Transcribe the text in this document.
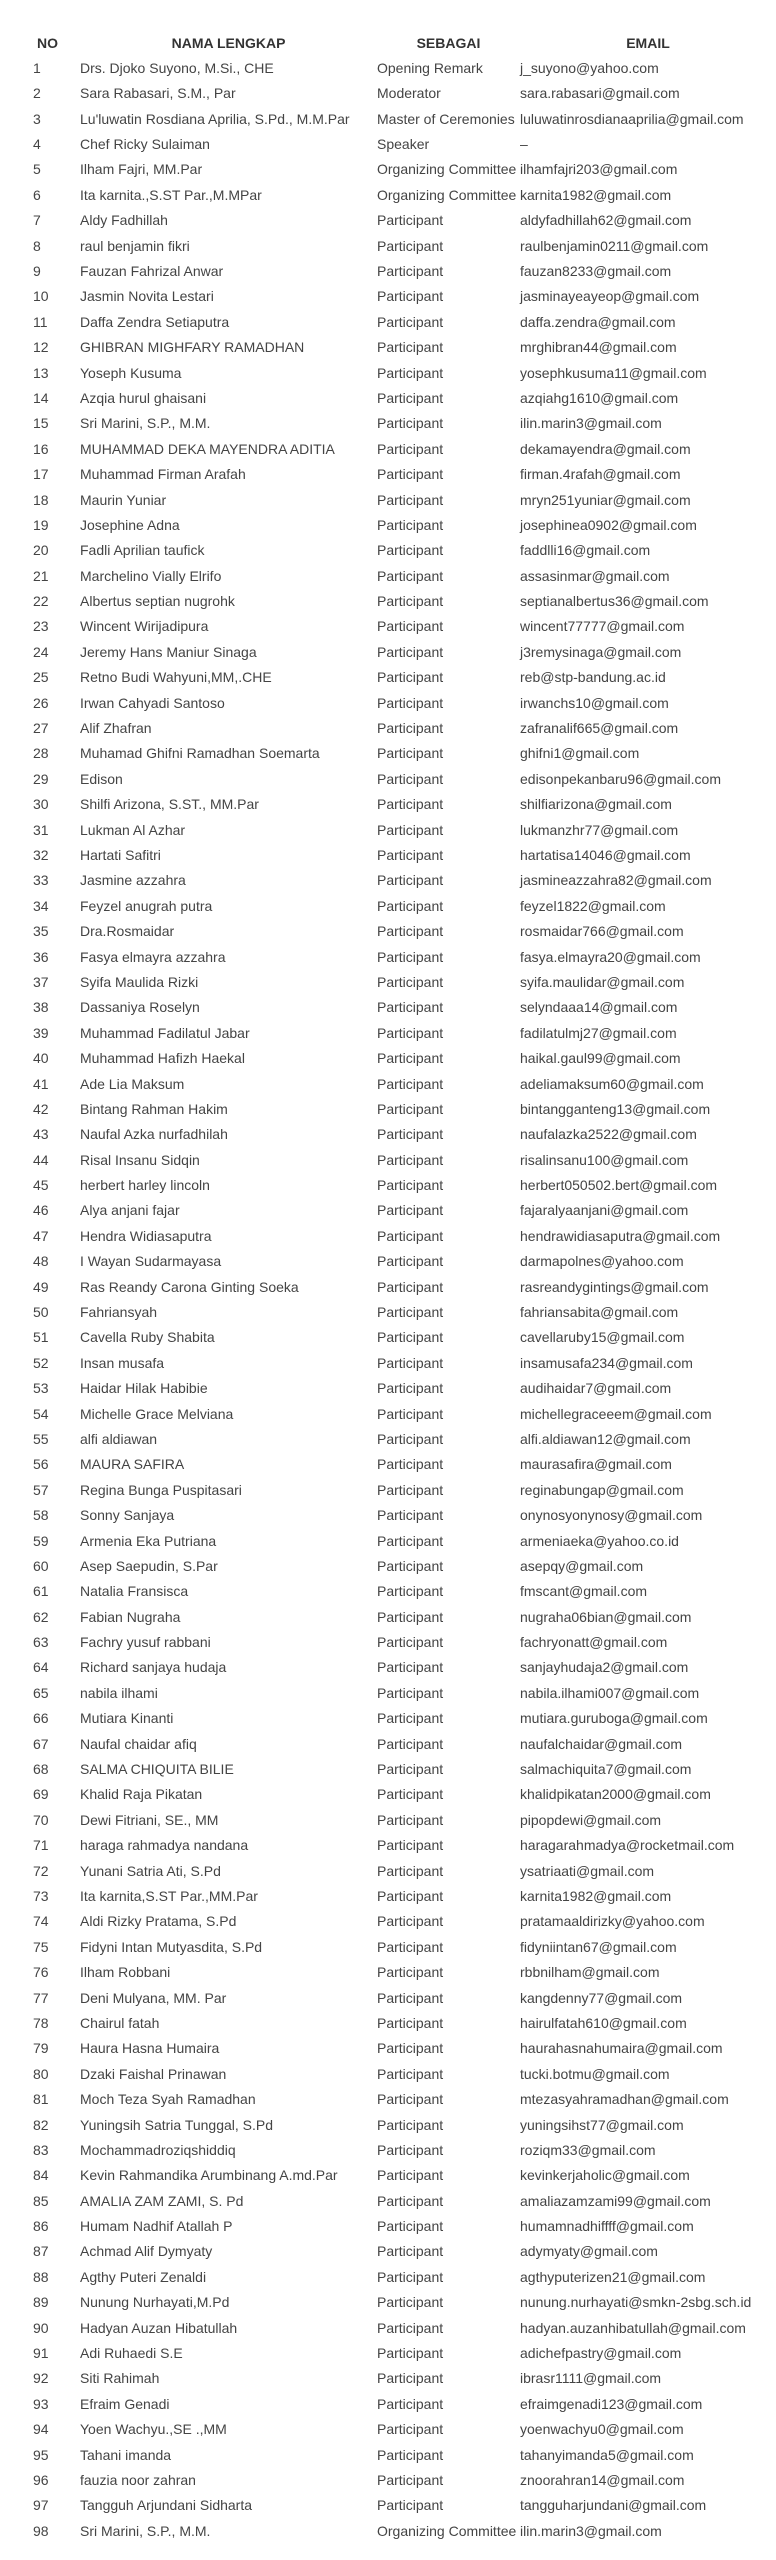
NO	NAMA LENGKAP	SEBAGAI	EMAIL
1	Drs. Djoko Suyono, M.Si., CHE	Opening Remark	j_suyono@yahoo.com
2	Sara Rabasari, S.M., Par	Moderator	sara.rabasari@gmail.com
3	Lu'luwatin Rosdiana Aprilia, S.Pd., M.M.Par	Master of Ceremonies	luluwatinrosdianaaprilia@gmail.com
4	Chef Ricky Sulaiman	Speaker	–
5	Ilham Fajri, MM.Par	Organizing Committee	ilhamfajri203@gmail.com
6	Ita karnita.,S.ST Par.,M.MPar	Organizing Committee	karnita1982@gmail.com
7	Aldy Fadhillah	Participant	aldyfadhillah62@gmail.com
8	raul benjamin fikri	Participant	raulbenjamin0211@gmail.com
9	Fauzan Fahrizal Anwar	Participant	fauzan8233@gmail.com
10	Jasmin Novita Lestari	Participant	jasminayeayeop@gmail.com
11	Daffa Zendra Setiaputra	Participant	daffa.zendra@gmail.com
12	GHIBRAN MIGHFARY RAMADHAN	Participant	mrghibran44@gmail.com
13	Yoseph Kusuma	Participant	yosephkusuma11@gmail.com
14	Azqia hurul ghaisani	Participant	azqiahg1610@gmail.com
15	Sri Marini, S.P., M.M.	Participant	ilin.marin3@gmail.com
16	MUHAMMAD DEKA MAYENDRA ADITIA	Participant	dekamayendra@gmail.com
17	Muhammad Firman Arafah	Participant	firman.4rafah@gmail.com
18	Maurin Yuniar	Participant	mryn251yuniar@gmail.com
19	Josephine Adna	Participant	josephinea0902@gmail.com
20	Fadli Aprilian taufick	Participant	faddlli16@gmail.com
21	Marchelino Vially Elrifo	Participant	assasinmar@gmail.com
22	Albertus septian nugrohk	Participant	septianalbertus36@gmail.com
23	Wincent Wirijadipura	Participant	wincent77777@gmail.com
24	Jeremy Hans Maniur Sinaga	Participant	j3remysinaga@gmail.com
25	Retno Budi Wahyuni,MM,.CHE	Participant	reb@stp-bandung.ac.id
26	Irwan Cahyadi Santoso	Participant	irwanchs10@gmail.com
27	Alif Zhafran	Participant	zafranalif665@gmail.com
28	Muhamad Ghifni Ramadhan Soemarta	Participant	ghifni1@gmail.com
29	Edison	Participant	edisonpekanbaru96@gmail.com
30	Shilfi Arizona, S.ST., MM.Par	Participant	shilfiarizona@gmail.com
31	Lukman Al Azhar	Participant	lukmanzhr77@gmail.com
32	Hartati Safitri	Participant	hartatisa14046@gmail.com
33	Jasmine azzahra	Participant	jasmineazzahra82@gmail.com
34	Feyzel anugrah putra	Participant	feyzel1822@gmail.com
35	Dra.Rosmaidar	Participant	rosmaidar766@gmail.com
36	Fasya elmayra azzahra	Participant	fasya.elmayra20@gmail.com
37	Syifa Maulida Rizki	Participant	syifa.maulidar@gmail.com
38	Dassaniya Roselyn	Participant	selyndaaa14@gmail.com
39	Muhammad Fadilatul Jabar	Participant	fadilatulmj27@gmail.com
40	Muhammad Hafizh Haekal	Participant	haikal.gaul99@gmail.com
41	Ade Lia Maksum	Participant	adeliamaksum60@gmail.com
42	Bintang Rahman Hakim	Participant	bintangganteng13@gmail.com
43	Naufal Azka nurfadhilah	Participant	naufalazka2522@gmail.com
44	Risal Insanu Sidqin	Participant	risalinsanu100@gmail.com
45	herbert harley lincoln	Participant	herbert050502.bert@gmail.com
46	Alya anjani fajar	Participant	fajaralyaanjani@gmail.com
47	Hendra Widiasaputra	Participant	hendrawidiasaputra@gmail.com
48	I Wayan Sudarmayasa	Participant	darmapolnes@yahoo.com
49	Ras Reandy Carona Ginting Soeka	Participant	rasreandygintings@gmail.com
50	Fahriansyah	Participant	fahriansabita@gmail.com
51	Cavella Ruby Shabita	Participant	cavellaruby15@gmail.com
52	Insan musafa	Participant	insamusafa234@gmail.com
53	Haidar Hilak Habibie	Participant	audihaidar7@gmail.com
54	Michelle Grace Melviana	Participant	michellegraceeem@gmail.com
55	alfi aldiawan	Participant	alfi.aldiawan12@gmail.com
56	MAURA SAFIRA	Participant	maurasafira@gmail.com
57	Regina Bunga Puspitasari	Participant	reginabungap@gmail.com
58	Sonny Sanjaya	Participant	onynosyonynosy@gmail.com
59	Armenia Eka Putriana	Participant	armeniaeka@yahoo.co.id
60	Asep Saepudin, S.Par	Participant	asepqy@gmail.com
61	Natalia Fransisca	Participant	fmscant@gmail.com
62	Fabian Nugraha	Participant	nugraha06bian@gmail.com
63	Fachry yusuf rabbani	Participant	fachryonatt@gmail.com
64	Richard sanjaya hudaja	Participant	sanjayhudaja2@gmail.com
65	nabila ilhami	Participant	nabila.ilhami007@gmail.com
66	Mutiara Kinanti	Participant	mutiara.guruboga@gmail.com
67	Naufal chaidar afiq	Participant	naufalchaidar@gmail.com
68	SALMA CHIQUITA BILIE	Participant	salmachiquita7@gmail.com
69	Khalid Raja Pikatan	Participant	khalidpikatan2000@gmail.com
70	Dewi Fitriani, SE., MM	Participant	pipopdewi@gmail.com
71	haraga rahmadya nandana	Participant	haragarahmadya@rocketmail.com
72	Yunani Satria Ati, S.Pd	Participant	ysatriaati@gmail.com
73	Ita karnita,S.ST Par.,MM.Par	Participant	karnita1982@gmail.com
74	Aldi Rizky Pratama, S.Pd	Participant	pratamaaldirizky@yahoo.com
75	Fidyni Intan Mutyasdita, S.Pd	Participant	fidyniintan67@gmail.com
76	Ilham Robbani	Participant	rbbnilham@gmail.com
77	Deni Mulyana, MM. Par	Participant	kangdenny77@gmail.com
78	Chairul fatah	Participant	hairulfatah610@gmail.com
79	Haura Hasna Humaira	Participant	haurahasnahumaira@gmail.com
80	Dzaki Faishal Prinawan	Participant	tucki.botmu@gmail.com
81	Moch Teza Syah Ramadhan	Participant	mtezasyahramadhan@gmail.com
82	Yuningsih Satria Tunggal, S.Pd	Participant	yuningsihst77@gmail.com
83	Mochammadroziqshiddiq	Participant	roziqm33@gmail.com
84	Kevin Rahmandika Arumbinang A.md.Par	Participant	kevinkerjaholic@gmail.com
85	AMALIA ZAM ZAMI, S. Pd	Participant	amaliazamzami99@gmail.com
86	Humam Nadhif Atallah P	Participant	humamnadhiffff@gmail.com
87	Achmad Alif Dymyaty	Participant	adymyaty@gmail.com
88	Agthy Puteri Zenaldi	Participant	agthyputerizen21@gmail.com
89	Nunung Nurhayati,M.Pd	Participant	nunung.nurhayati@smkn-2sbg.sch.id
90	Hadyan Auzan Hibatullah	Participant	hadyan.auzanhibatullah@gmail.com
91	Adi Ruhaedi S.E	Participant	adichefpastry@gmail.com
92	Siti Rahimah	Participant	ibrasr1111@gmail.com
93	Efraim Genadi	Participant	efraimgenadi123@gmail.com
94	Yoen Wachyu.,SE .,MM	Participant	yoenwachyu0@gmail.com
95	Tahani imanda	Participant	tahanyimanda5@gmail.com
96	fauzia noor zahran	Participant	znoorahran14@gmail.com
97	Tangguh Arjundani Sidharta	Participant	tangguharjundani@gmail.com
98	Sri Marini, S.P., M.M.	Organizing Committee	ilin.marin3@gmail.com
